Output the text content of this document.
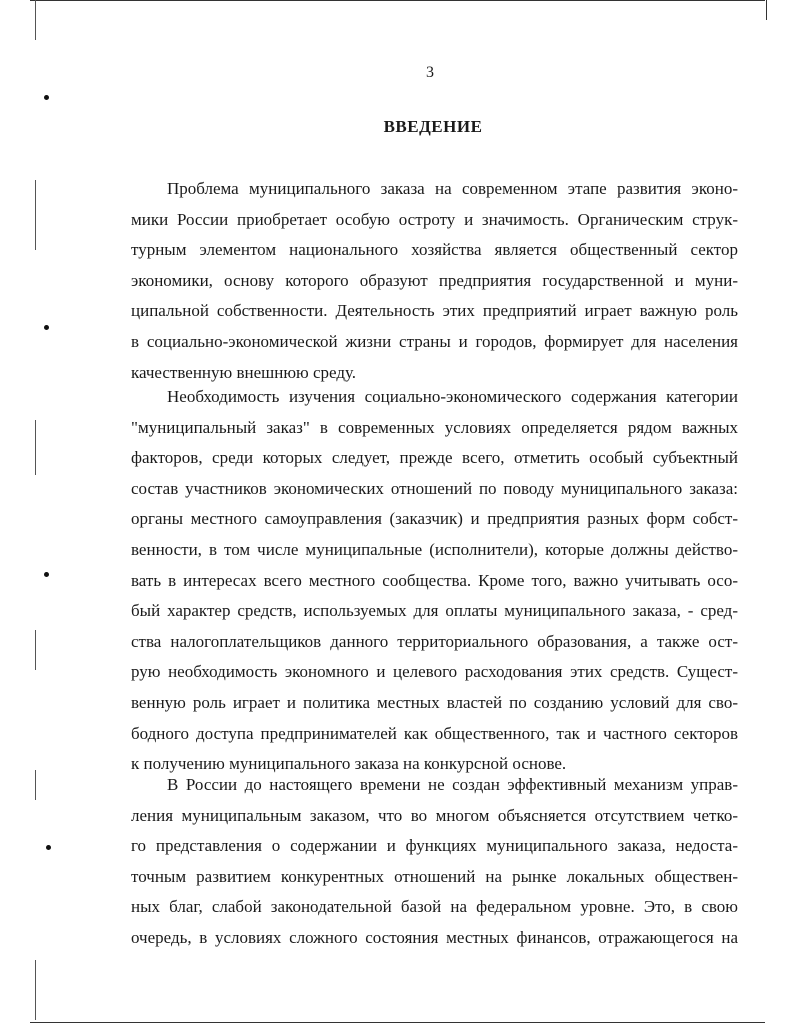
3
ВВЕДЕНИЕ
Проблема муниципального заказа на современном этапе развития эконо-
мики России приобретает особую остроту и значимость. Органическим струк-
турным элементом национального хозяйства является общественный сектор
экономики, основу которого образуют предприятия государственной и муни-
ципальной собственности. Деятельность этих предприятий играет важную роль
в социально-экономической жизни страны и городов, формирует для населения
качественную внешнюю среду.
Необходимость изучения социально-экономического содержания категории
"муниципальный заказ" в современных условиях определяется рядом важных
факторов, среди которых следует, прежде всего, отметить особый субъектный
состав участников экономических отношений по поводу муниципального заказа:
органы местного самоуправления (заказчик) и предприятия разных форм собст-
венности, в том числе муниципальные (исполнители), которые должны действо-
вать в интересах всего местного сообщества. Кроме того, важно учитывать осо-
бый характер средств, используемых для оплаты муниципального заказа, - сред-
ства налогоплательщиков данного территориального образования, а также ост-
рую необходимость экономного и целевого расходования этих средств. Сущест-
венную роль играет и политика местных властей по созданию условий для сво-
бодного доступа предпринимателей как общественного, так и частного секторов
к получению муниципального заказа на конкурсной основе.
В России до настоящего времени не создан эффективный механизм управ-
ления муниципальным заказом, что во многом объясняется отсутствием четко-
го представления о содержании и функциях муниципального заказа, недоста-
точным развитием конкурентных отношений на рынке локальных обществен-
ных благ, слабой законодательной базой на федеральном уровне. Это, в свою
очередь, в условиях сложного состояния местных финансов, отражающегося на
